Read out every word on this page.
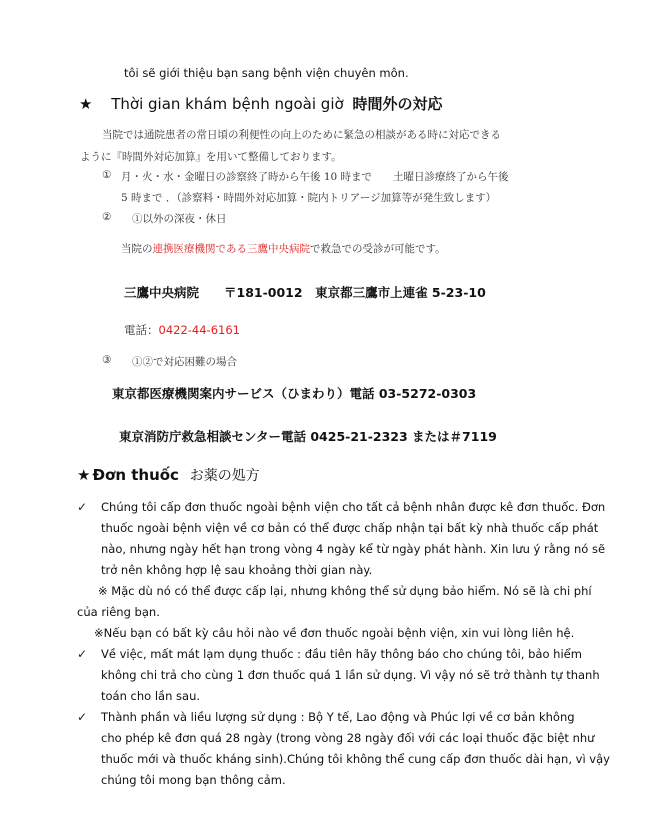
tôi sẽ giới thiệu bạn sang bệnh viện chuyên môn.
★ Thời gian khám bệnh ngoài giờ 時間外の対応
当院では通院患者の常日頃の利便性の向上のために緊急の相談がある時に対応できる
ように『時間外対応加算』を用いて整備しております。
① 月・火・水・金曜日の診察終了時から午後 10 時まで　　土曜日診療終了から午後
5 時まで ．（診察料・時間外対応加算・院内トリアージ加算等が発生致します）
② ①以外の深夜・休日
当院の連携医療機関である三鷹中央病院で救急での受診が可能です。
三鷹中央病院　　〒181-0012　東京都三鷹市上連雀 5-23-10
電話：0422-44-6161
③ ①②で対応困難の場合
東京都医療機関案内サービス（ひまわり）電話 03-5272-0303
東京消防庁救急相談センター電話 0425-21-2323 または＃7119
★ Đơn thuốc お薬の処方
✓ Chúng tôi cấp đơn thuốc ngoài bệnh viện cho tất cả bệnh nhân được kê đơn thuốc. Đơn
thuốc ngoài bệnh viện về cơ bản có thể được chấp nhận tại bất kỳ nhà thuốc cấp phát
nào, nhưng ngày hết hạn trong vòng 4 ngày kể từ ngày phát hành. Xin lưu ý rằng nó sẽ
trở nên không hợp lệ sau khoảng thời gian này.
※ Mặc dù nó có thể được cấp lại, nhưng không thể sử dụng bảo hiểm. Nó sẽ là chi phí
của riêng bạn.
※Nếu bạn có bất kỳ câu hỏi nào về đơn thuốc ngoài bệnh viện, xin vui lòng liên hệ.
✓ Về việc, mất mát lạm dụng thuốc : đầu tiên hãy thông báo cho chúng tôi, bảo hiểm
không chi trả cho cùng 1 đơn thuốc quá 1 lần sử dụng. Vì vậy nó sẽ trở thành tự thanh
toán cho lần sau.
✓ Thành phần và liều lượng sử dụng : Bộ Y tế, Lao động và Phúc lợi về cơ bản không
cho phép kê đơn quá 28 ngày (trong vòng 28 ngày đối với các loại thuốc đặc biệt như
thuốc mới và thuốc kháng sinh).Chúng tôi không thể cung cấp đơn thuốc dài hạn, vì vậy
chúng tôi mong bạn thông cảm.
